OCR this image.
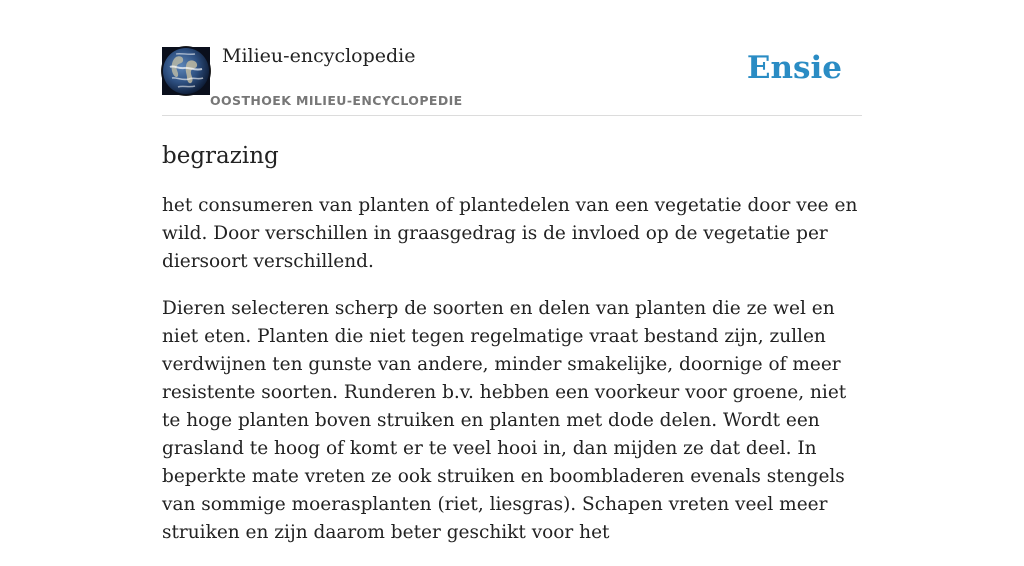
Milieu-encyclopedie
OOSTHOEK MILIEU-ENCYCLOPEDIE
Ensie
begrazing

het consumeren van planten of plantedelen van een vegetatie door vee en wild. Door verschillen in graasgedrag is de invloed op de vegetatie per diersoort verschillend.

Dieren selecteren scherp de soorten en delen van planten die ze wel en niet eten. Planten die niet tegen regelmatige vraat bestand zijn, zullen verdwijnen ten gunste van andere, minder smakelijke, doornige of meer resistente soorten. Runderen b.v. hebben een voorkeur voor groene, niet te hoge planten boven struiken en planten met dode delen. Wordt een grasland te hoog of komt er te veel hooi in, dan mijden ze dat deel. In beperkte mate vreten ze ook struiken en boombladeren evenals stengels van sommige moerasplanten (riet, liesgras). Schapen vreten veel meer struiken en zijn daarom beter geschikt voor het
